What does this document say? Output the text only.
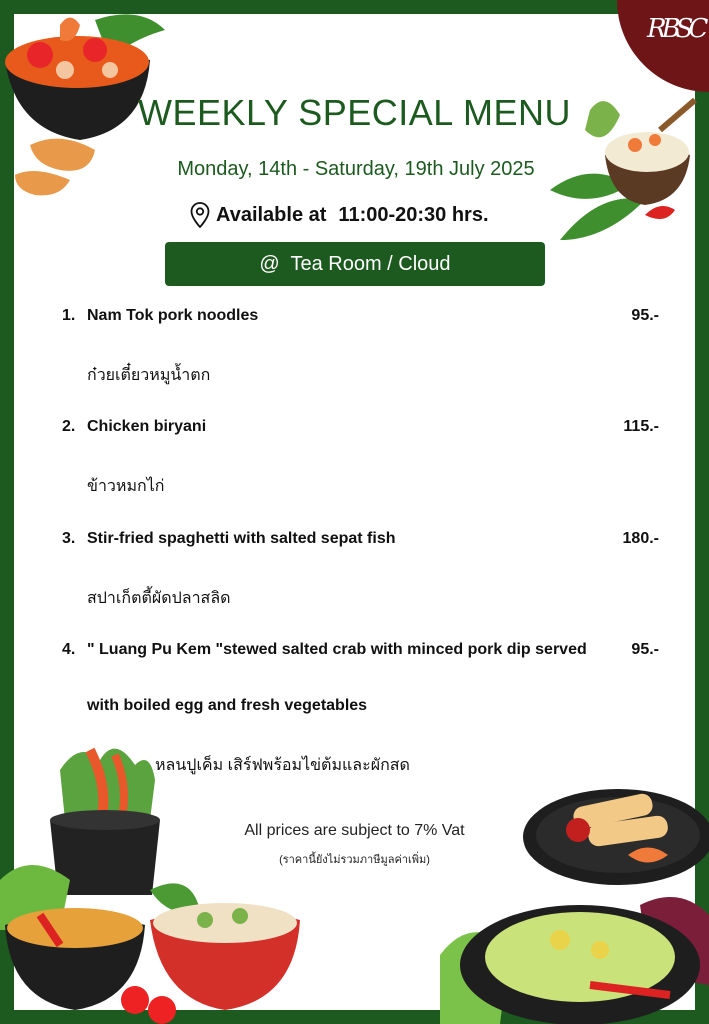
RBSC
WEEKLY SPECIAL MENU
Monday, 14th - Saturday, 19th July 2025
Available at 11:00-20:30 hrs.
@  Tea Room / Cloud
1. Nam Tok pork noodles	95.-
ก๋วยเตี๋ยวหมูน้ำตก
2. Chicken biryani	115.-
ข้าวหมกไก่
3. Stir-fried spaghetti with salted sepat fish	180.-
สปาเก็ตตี้ผัดปลาสลิด
4. " Luang Pu Kem "stewed salted crab with minced pork dip served	95.-
with boiled egg and fresh vegetables
หลนปูเค็ม เสิร์ฟพร้อมไข่ต้มและผักสด
All prices are subject to 7% Vat
(ราคานี้ยังไม่รวมภาษีมูลค่าเพิ่ม)
